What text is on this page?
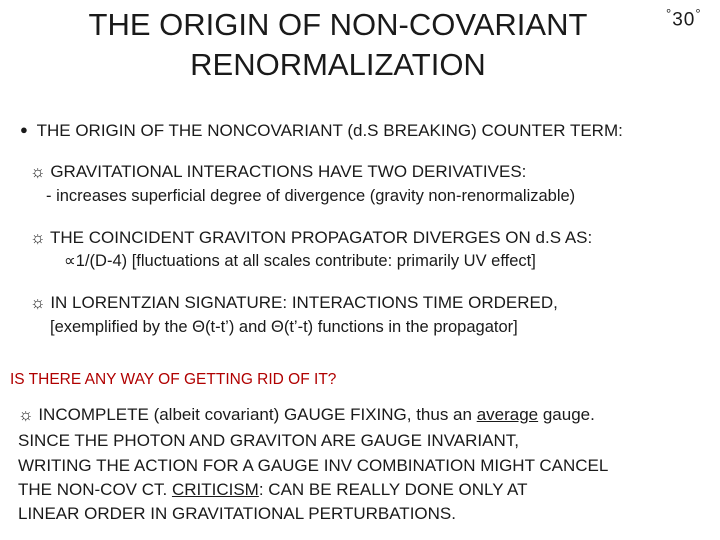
THE ORIGIN OF NON-COVARIANT
RENORMALIZATION
°30°
● THE ORIGIN OF THE NONCOVARIANT (d.S BREAKING) COUNTER TERM:
☼ GRAVITATIONAL INTERACTIONS HAVE TWO DERIVATIVES:
- increases superficial degree of divergence (gravity non-renormalizable)
☼ THE COINCIDENT GRAVITON PROPAGATOR DIVERGES ON d.S AS:
∝1/(D-4) [fluctuations at all scales contribute: primarily UV effect]
☼ IN LORENTZIAN SIGNATURE: INTERACTIONS TIME ORDERED,
[exemplified by the Θ(t-t’) and Θ(t’-t) functions in the propagator]
IS THERE ANY WAY OF GETTING RID OF IT?
☼ INCOMPLETE (albeit covariant) GAUGE FIXING, thus an average gauge.
SINCE THE PHOTON AND GRAVITON ARE GAUGE INVARIANT,
WRITING THE ACTION FOR A GAUGE INV COMBINATION MIGHT CANCEL
THE NON-COV CT. CRITICISM: CAN BE REALLY DONE ONLY AT
LINEAR ORDER IN GRAVITATIONAL PERTURBATIONS.
